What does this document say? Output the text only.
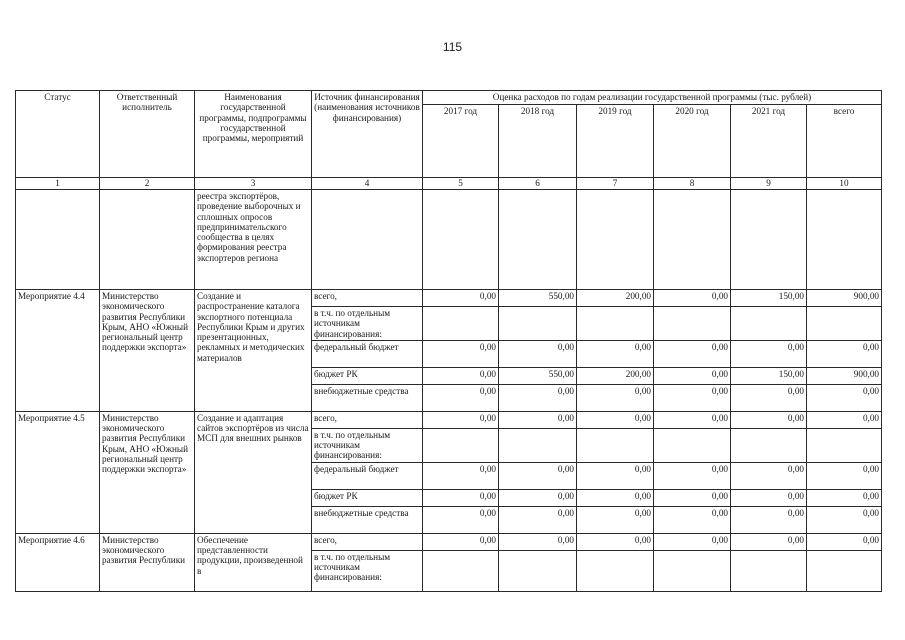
115
Статус	Ответственный исполнитель	Наименования государственной программы, подпрограммы государственной программы, мероприятий	Источник финансирования (наименования источников финансирования)	Оценка расходов по годам реализации государственной программы (тыс. рублей)					
				2017 год	2018 год	2019 год	2020 год	2021 год	всего
1	2	3	4	5	6	7	8	9	10
		реестра экспортёров, проведение выборочных и сплошных опросов предпринимательского сообщества в целях формирования реестра экспортеров региона							
Мероприятие 4.4	Министерство экономического развития Республики Крым, АНО «Южный региональный центр поддержки экспорта»	Создание и распространение каталога экспортного потенциала Республики Крым и других презентационных, рекламных и методических материалов	всего,	0,00	550,00	200,00	0,00	150,00	900,00
			в т.ч. по отдельным источникам финансирования:						
			федеральный бюджет	0,00	0,00	0,00	0,00	0,00	0,00
			бюджет РК	0,00	550,00	200,00	0,00	150,00	900,00
			внебюджетные средства	0,00	0,00	0,00	0,00	0,00	0,00
Мероприятие 4.5	Министерство экономического развития Республики Крым, АНО «Южный региональный центр поддержки экспорта»	Создание и адаптация сайтов экспортёров из числа МСП для внешних рынков	всего,	0,00	0,00	0,00	0,00	0,00	0,00
			в т.ч. по отдельным источникам финансирования:						
			федеральный бюджет	0,00	0,00	0,00	0,00	0,00	0,00
			бюджет РК	0,00	0,00	0,00	0,00	0,00	0,00
			внебюджетные средства	0,00	0,00	0,00	0,00	0,00	0,00
Мероприятие 4.6	Министерство экономического развития Республики	Обеспечение представленности продукции, произведенной в	всего,	0,00	0,00	0,00	0,00	0,00	0,00
			в т.ч. по отдельным источникам финансирования:						
